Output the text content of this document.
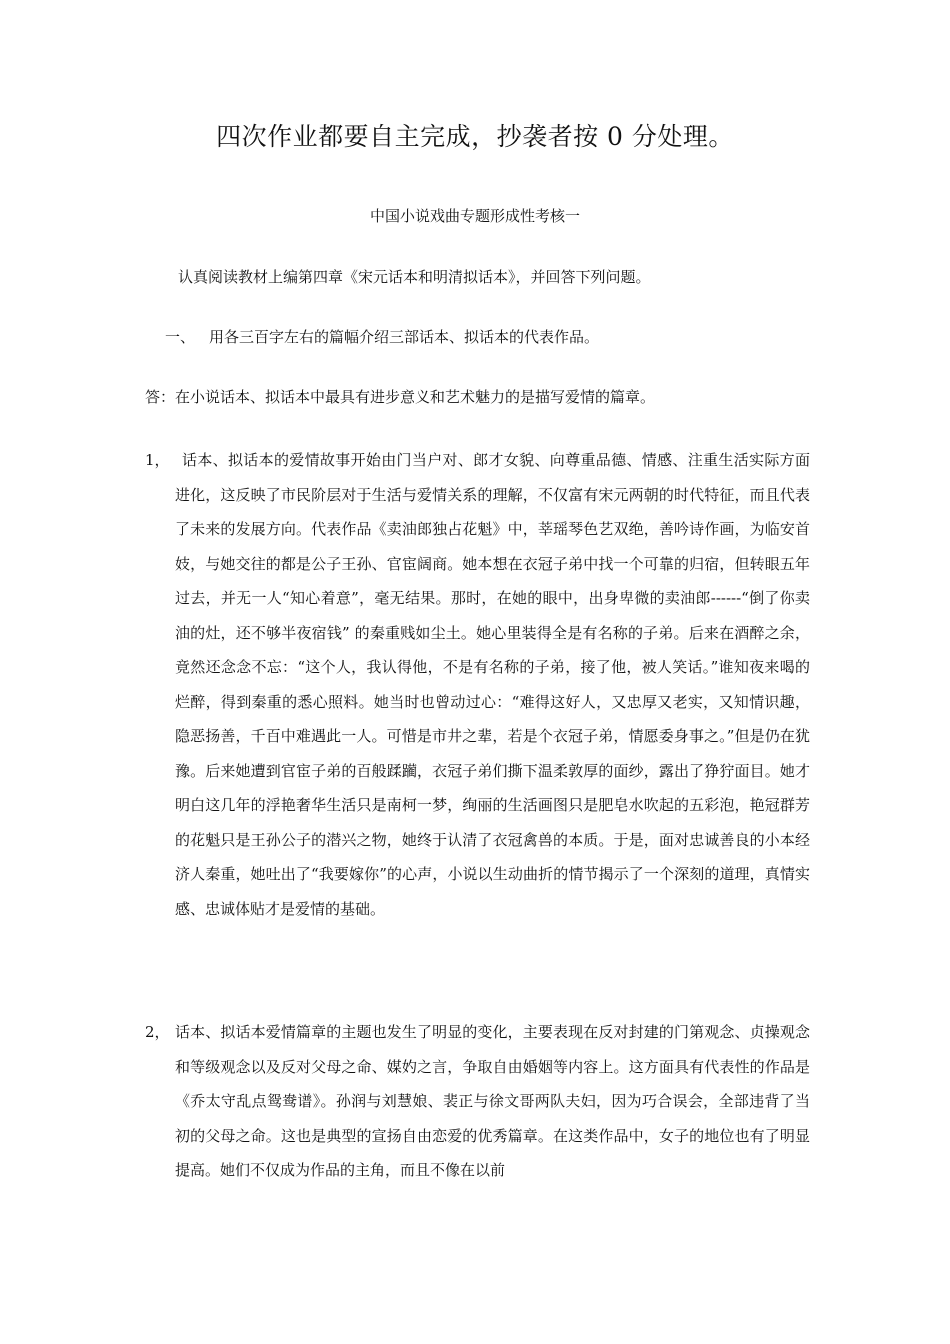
四次作业都要自主完成，抄袭者按 0 分处理。
中国小说戏曲专题形成性考核一
认真阅读教材上编第四章《宋元话本和明清拟话本》，并回答下列问题。
一、 用各三百字左右的篇幅介绍三部话本、拟话本的代表作品。
答：在小说话本、拟话本中最具有进步意义和艺术魅力的是描写爱情的篇章。
1， 话本、拟话本的爱情故事开始由门当户对、郎才女貌、向尊重品德、情感、注重生活实际方面进化，这反映了市民阶层对于生活与爱情关系的理解，不仅富有宋元两朝的时代特征，而且代表了未来的发展方向。代表作品《卖油郎独占花魁》中，莘瑶琴色艺双绝，善吟诗作画，为临安首妓，与她交往的都是公子王孙、官宦阔商。她本想在衣冠子弟中找一个可靠的归宿，但转眼五年过去，并无一人“知心着意”，毫无结果。那时，在她的眼中，出身卑微的卖油郎------“倒了你卖油的灶，还不够半夜宿钱” 的秦重贱如尘土。她心里装得全是有名称的子弟。后来在酒醉之余，竟然还念念不忘：“这个人，我认得他，不是有名称的子弟，接了他，被人笑话。”谁知夜来喝的烂醉，得到秦重的悉心照料。她当时也曾动过心：“难得这好人，又忠厚又老实，又知情识趣，隐恶扬善，千百中难遇此一人。可惜是市井之辈，若是个衣冠子弟，情愿委身事之。”但是仍在犹豫。后来她遭到官宦子弟的百般蹂躏，衣冠子弟们撕下温柔敦厚的面纱，露出了狰狞面目。她才明白这几年的浮艳奢华生活只是南柯一梦，绚丽的生活画图只是肥皂水吹起的五彩泡，艳冠群芳的花魁只是王孙公子的潜兴之物，她终于认清了衣冠禽兽的本质。于是，面对忠诚善良的小本经济人秦重，她吐出了“我要嫁你”的心声，小说以生动曲折的情节揭示了一个深刻的道理，真情实感、忠诚体贴才是爱情的基础。
2， 话本、拟话本爱情篇章的主题也发生了明显的变化，主要表现在反对封建的门第观念、贞操观念和等级观念以及反对父母之命、媒妁之言，争取自由婚姻等内容上。这方面具有代表性的作品是《乔太守乱点鸳鸯谱》。孙润与刘慧娘、裴正与徐文哥两队夫妇，因为巧合误会，全部违背了当初的父母之命。这也是典型的宣扬自由恋爱的优秀篇章。在这类作品中，女子的地位也有了明显提高。她们不仅成为作品的主角，而且不像在以前
